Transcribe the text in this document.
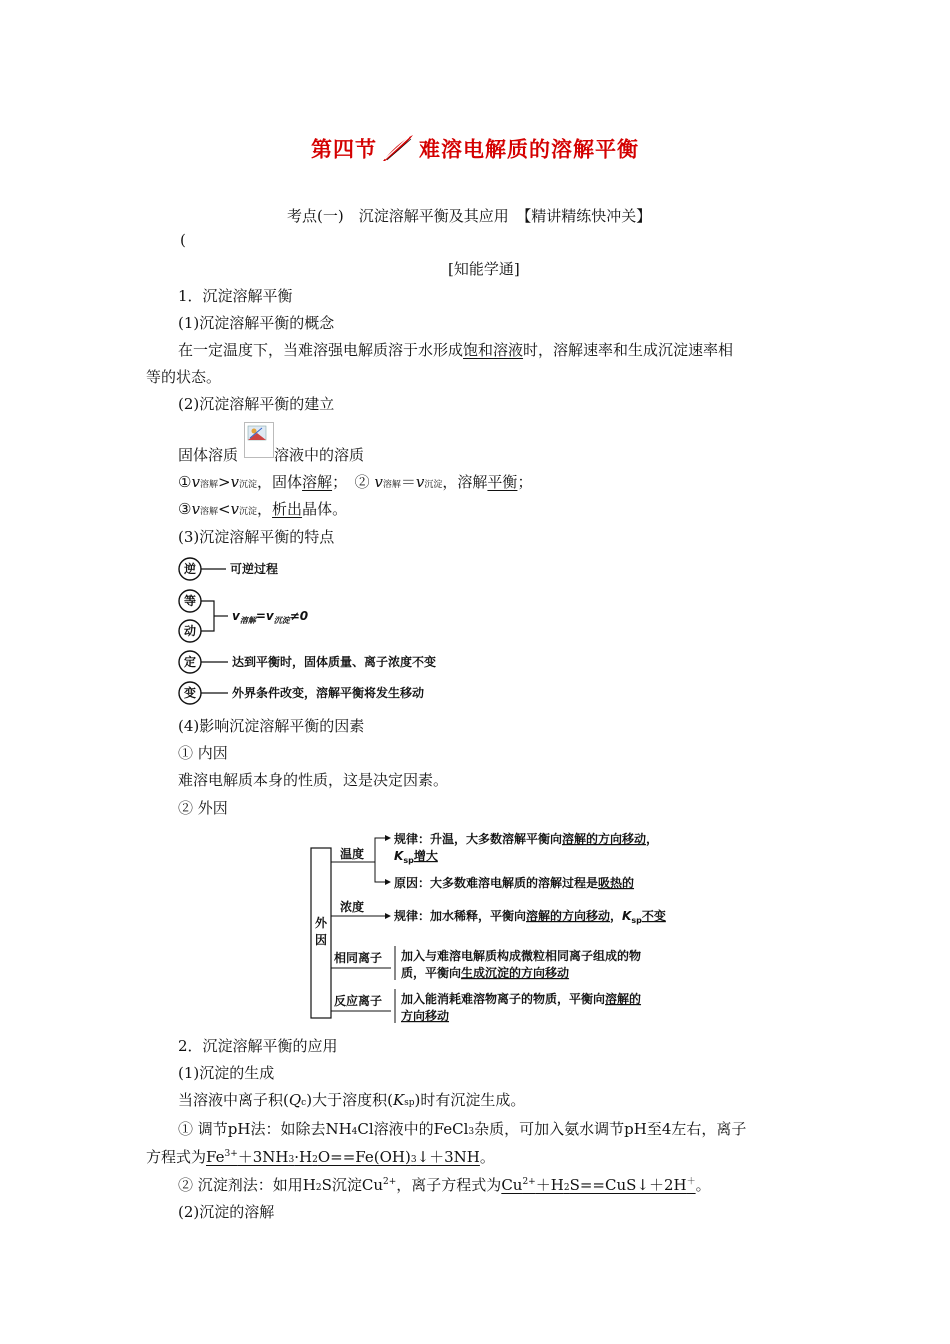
第四节 难溶电解质的溶解平衡
考点(一)　沉淀溶解平衡及其应用　【精讲精练快冲关】
(
[知能学通]
1．沉淀溶解平衡
(1)沉淀溶解平衡的概念
在一定温度下，当难溶强电解质溶于水形成饱和溶液时，溶解速率和生成沉淀速率相
等的状态。
(2)沉淀溶解平衡的建立
固体溶质 溶液中的溶质
①v溶解>v沉淀，固体溶解；　 ② v溶解＝v沉淀，溶解平衡；
③v溶解<v沉淀，析出晶体。
(3)沉淀溶解平衡的特点
逆	可逆过程
等
动
$v_{溶解}=v_{沉淀}\ne 0$
定	达到平衡时，固体质量、离子浓度不变
变	外界条件改变，溶解平衡将发生移动
(4)影响沉淀溶解平衡的因素
① 内因
难溶电解质本身的性质，这是决定因素。
② 外因
外
因
温度
规律：升温，大多数溶解平衡向溶解的方向移动，
$K_{sp}$增大
原因：大多数难溶电解质的溶解过程是吸热的
浓度
规律：加水稀释，平衡向溶解的方向移动，$K_{sp}$不变
相同离子 加入与难溶电解质构成微粒相同离子组成的物
质，平衡向生成沉淀的方向移动
反应离子 加入能消耗难溶物离子的物质，平衡向溶解的
方向移动
2．沉淀溶解平衡的应用
(1)沉淀的生成
当溶液中离子积(Qc)大于溶度积(Ksp)时有沉淀生成。
① 调节pH法：如除去NH4Cl溶液中的FeCl3杂质，可加入氨水调节pH至4左右，离子
方程式为$Fe^{3+}+3NH3\cdot H2O==Fe(OH)3↓+3NH$。
② 沉淀剂法：如用H2S沉淀$Cu^{2+}$，离子方程式为$Cu^{2+}+H2S==CuS↓+2H^+$。
(2)沉淀的溶解
